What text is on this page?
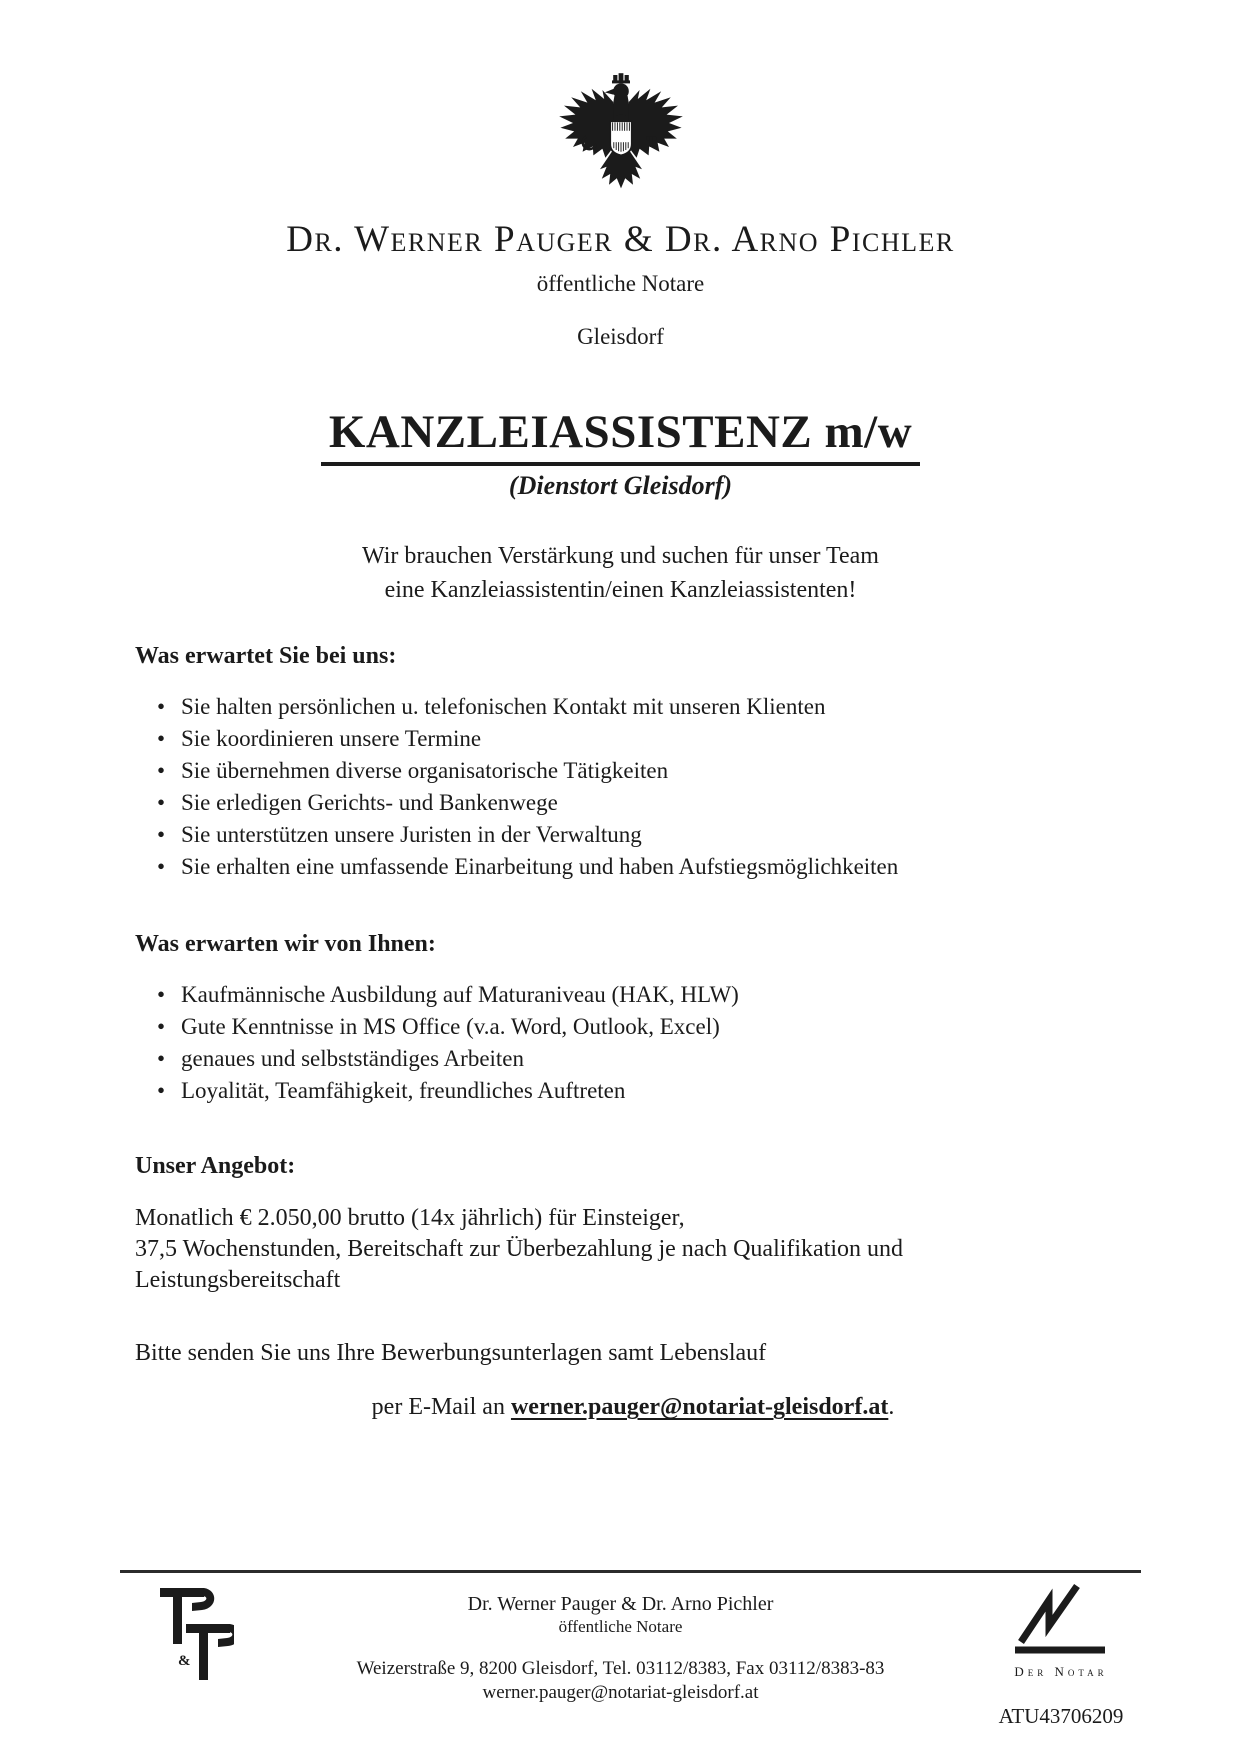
Dr. Werner Pauger & Dr. Arno Pichler
öffentliche Notare
Gleisdorf
KANZLEIASSISTENZ m/w
(Dienstort Gleisdorf)

Wir brauchen Verstärkung und suchen für unser Team
eine Kanzleiassistentin/einen Kanzleiassistenten!

Was erwartet Sie bei uns:
• Sie halten persönlichen u. telefonischen Kontakt mit unseren Klienten
• Sie koordinieren unsere Termine
• Sie übernehmen diverse organisatorische Tätigkeiten
• Sie erledigen Gerichts- und Bankenwege
• Sie unterstützen unsere Juristen in der Verwaltung
• Sie erhalten eine umfassende Einarbeitung und haben Aufstiegsmöglichkeiten
Was erwarten wir von Ihnen:
• Kaufmännische Ausbildung auf Maturaniveau (HAK, HLW)
• Gute Kenntnisse in MS Office (v.a. Word, Outlook, Excel)
• genaues und selbstständiges Arbeiten
• Loyalität, Teamfähigkeit, freundliches Auftreten
Unser Angebot:

Monatlich € 2.050,00 brutto (14x jährlich) für Einsteiger,
37,5 Wochenstunden, Bereitschaft zur Überbezahlung je nach Qualifikation und
Leistungsbereitschaft

Bitte senden Sie uns Ihre Bewerbungsunterlagen samt Lebenslauf

per E-Mail an werner.pauger@notariat-gleisdorf.at.

&
Dr. Werner Pauger & Dr. Arno Pichler
öffentliche Notare
Weizerstraße 9, 8200 Gleisdorf, Tel. 03112/8383, Fax 03112/8383-83
werner.pauger@notariat-gleisdorf.at
Der Notar
ATU43706209
